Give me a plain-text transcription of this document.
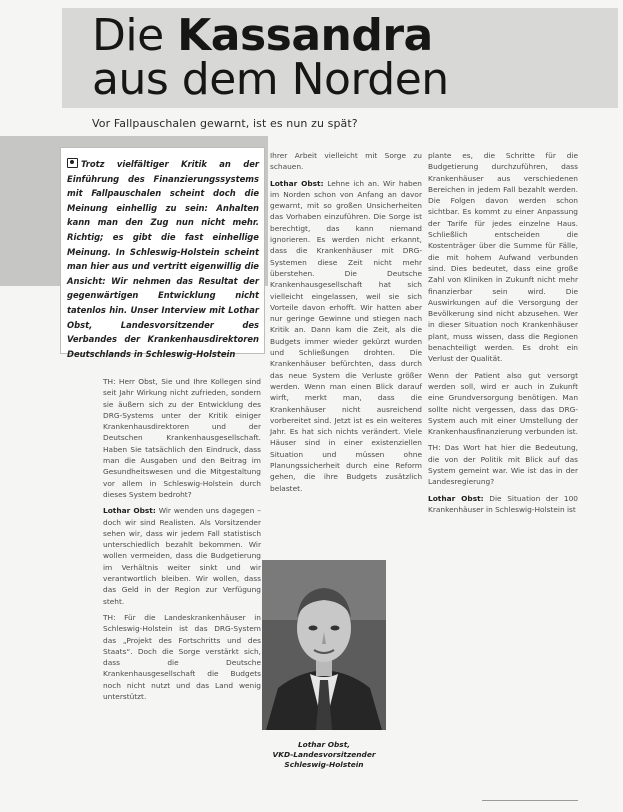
Die Kassandra
aus dem Norden
Vor Fallpauschalen gewarnt, ist es nun zu spät?

Trotz vielfältiger Kritik an der Einführung des Finanzierungssystems mit Fallpauschalen scheint doch die Meinung einhellig zu sein: Anhalten kann man den Zug nun nicht mehr. Richtig; es gibt die fast einhellige Meinung. In Schleswig-Holstein scheint man hier aus und vertritt eigenwillig die Ansicht: Wir nehmen das Resultat der gegenwärtigen Entwicklung nicht tatenlos hin. Unser Interview mit Lothar Obst, Landesvorsitzender des Verbandes der Krankenhausdirektoren Deutschlands in Schleswig-Holstein

TH: Herr Obst, Sie und Ihre Kollegen sind seit Jahr Wirkung nicht zufrieden, sondern sie äußern sich zu der Entwicklung des DRG-Systems unter der Kritik einiger Krankenhausdirektoren und der Deutschen Krankenhausgesellschaft. Haben Sie tatsächlich den Eindruck, dass man die Ausgaben und den Beitrag im Gesundheitswesen und die Mitgestaltung vor allem in Schleswig-Holstein durch dieses System bedroht?

Lothar Obst: Wir wenden uns dagegen – doch wir sind Realisten. Als Vorsitzender sehen wir, dass wir jedem Fall statistisch unterschiedlich bezahlt bekommen. Wir wollen vermeiden, dass die Budgetierung im Verhältnis weiter sinkt und wir verantwortlich bleiben. Wir wollen, dass das Geld in der Region zur Verfügung steht.

TH: Für die Landeskrankenhäuser in Schleswig-Holstein ist das DRG-System das „Projekt des Fortschritts und des Staats“. Doch die Sorge verstärkt sich, dass die Deutsche Krankenhausgesellschaft die Budgets noch nicht nutzt und das Land wenig unterstützt.

Ihrer Arbeit vielleicht mit Sorge zu schauen.

Lothar Obst: Lehne ich an. Wir haben im Norden schon von Anfang an davor gewarnt, mit so großen Unsicherheiten das Vorhaben einzuführen. Die Sorge ist berechtigt, das kann niemand ignorieren. Es werden nicht erkannt, dass die Krankenhäuser mit DRG-Systemen diese Zeit nicht mehr überstehen. Die Deutsche Krankenhausgesellschaft hat sich vielleicht eingelassen, weil sie sich Vorteile davon erhofft. Wir hatten aber nur geringe Gewinne und stiegen nach Kritik an. Dann kam die Zeit, als die Budgets immer wieder gekürzt wurden und Schließungen drohten. Die Krankenhäuser befürchten, dass durch das neue System die Verluste größer werden. Wenn man einen Blick darauf wirft, merkt man, dass die Krankenhäuser nicht ausreichend vorbereitet sind. Jetzt ist es ein weiteres Jahr. Es hat sich nichts verändert. Viele Häuser sind in einer existenziellen Situation und müssen ohne Planungssicherheit durch eine Reform gehen, die ihre Budgets zusätzlich belastet.

plante es, die Schritte für die Budgetierung durchzuführen, dass Krankenhäuser aus verschiedenen Bereichen in jedem Fall bezahlt werden. Die Folgen davon werden schon sichtbar. Es kommt zu einer Anpassung der Tarife für jedes einzelne Haus. Schließlich entscheiden die Kostenträger über die Summe für Fälle, die mit hohem Aufwand verbunden sind. Dies bedeutet, dass eine große Zahl von Kliniken in Zukunft nicht mehr finanzierbar sein wird. Die Auswirkungen auf die Versorgung der Bevölkerung sind nicht abzusehen. Wer in dieser Situation noch Krankenhäuser plant, muss wissen, dass die Regionen benachteiligt werden. Es droht ein Verlust der Qualität.

Wenn der Patient also gut versorgt werden soll, wird er auch in Zukunft eine Grundversorgung benötigen. Man sollte nicht vergessen, dass das DRG-System auch mit einer Umstellung der Krankenhausfinanzierung verbunden ist.

TH: Das Wort hat hier die Bedeutung, die von der Politik mit Blick auf das System gemeint war. Wie ist das in der Landesregierung?

Lothar Obst: Die Situation der 100 Krankenhäuser in Schleswig-Holstein ist

Lothar Obst,
VKD-Landesvorsitzender
Schleswig-Holstein
